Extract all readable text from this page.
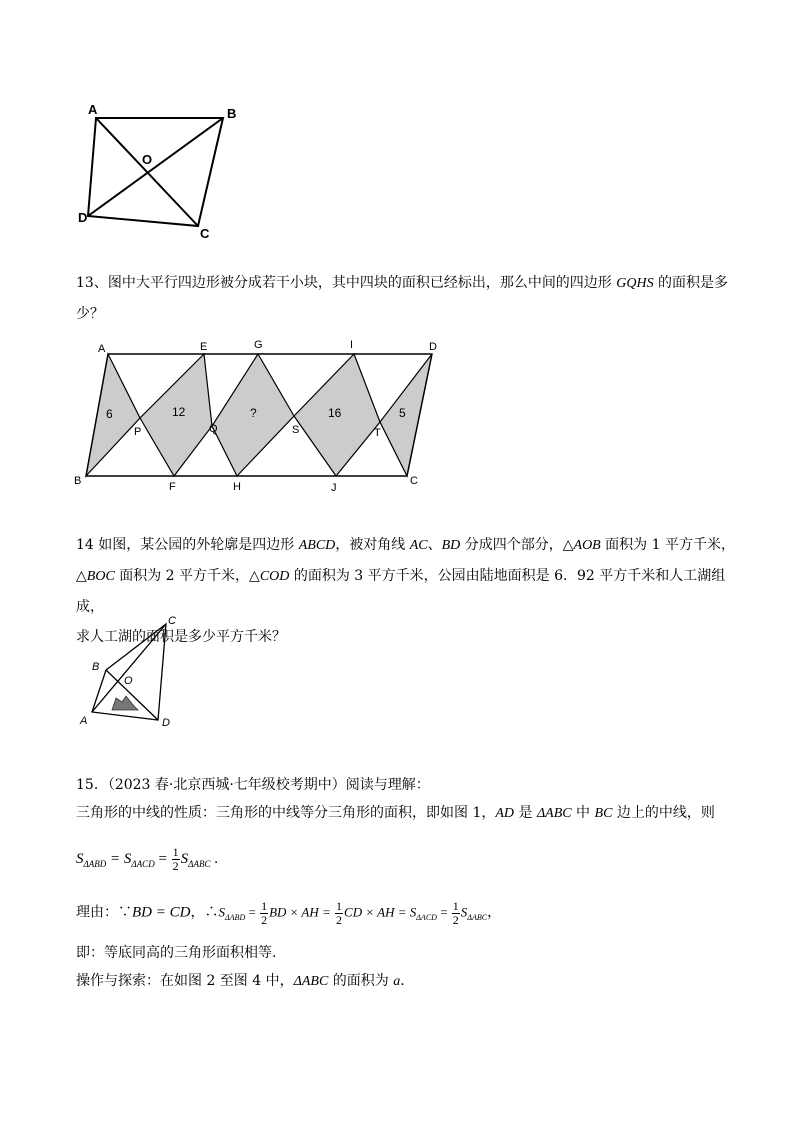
A	B
O
D
C

13、图中大平行四边形被分成若干小块，其中四块的面积已经标出，那么中间的四边形 GQHS 的面积是多
少？

A	E	G	I	D
B	F	H	J
C
P	Q	S	T
6	12	?	16	5

14 如图，某公园的外轮廓是四边形 ABCD，被对角线 AC、BD 分成四个部分，△AOB 面积为 1 平方千米，
△BOC 面积为 2 平方千米，△COD 的面积为 3 平方千米，公园由陆地面积是 6．92 平方千米和人工湖组成，
求人工湖的面积是多少平方千米？

C
B
O
A	D

15．（2023 春·北京西城·七年级校考期中）阅读与理解：

三角形的中线的性质：三角形的中线等分三角形的面积，即如图 1，AD 是 ΔABC 中 BC 边上的中线，则

$S_{\Delta ABD} = S_{\Delta ACD} = \frac{1}{2} S_{\Delta ABC}$ .
理由：∵BD = CD，$\therefore S_{\Delta ABD} = \frac{1}{2}$ BD × AH = $\frac{1}{2}$ CD × AH = $S_{\Delta ACD} = \frac{1}{2} S_{\Delta ABC}$，

即：等底同高的三角形面积相等.

操作与探索：在如图 2 至图 4 中，ΔABC 的面积为 a.
